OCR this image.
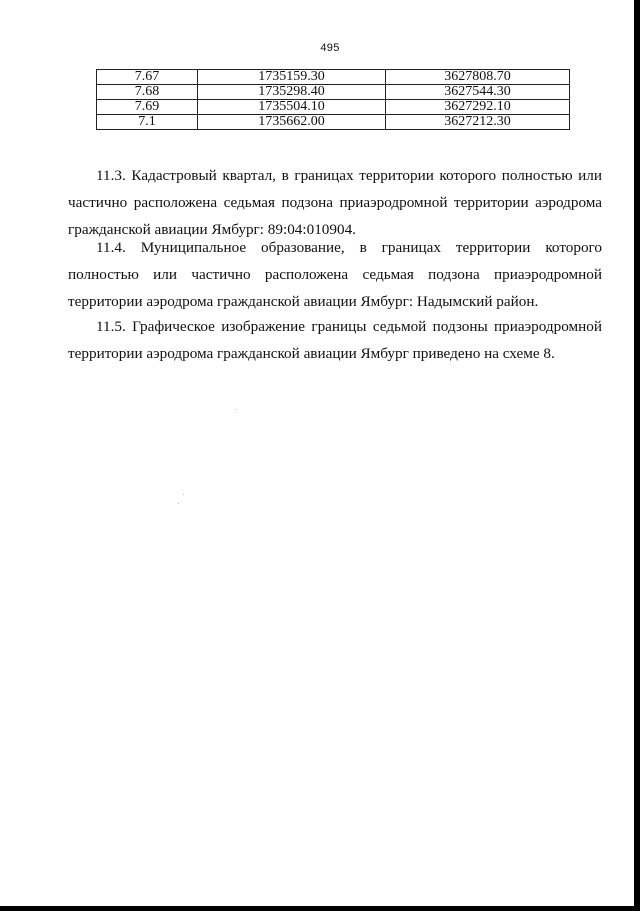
495
7.67	1735159.30	3627808.70
7.68	1735298.40	3627544.30
7.69	1735504.10	3627292.10
7.1	1735662.00	3627212.30

11.3. Кадастровый квартал, в границах территории которого полностью или частично расположена седьмая подзона приаэродромной территории аэродрома гражданской авиации Ямбург: 89:04:010904.

11.4. Муниципальное образование, в границах территории которого полностью или частично расположена седьмая подзона приаэродромной территории аэродрома гражданской авиации Ямбург: Надымский район.

11.5. Графическое изображение границы седьмой подзоны приаэродромной территории аэродрома гражданской авиации Ямбург приведено на схеме 8.
